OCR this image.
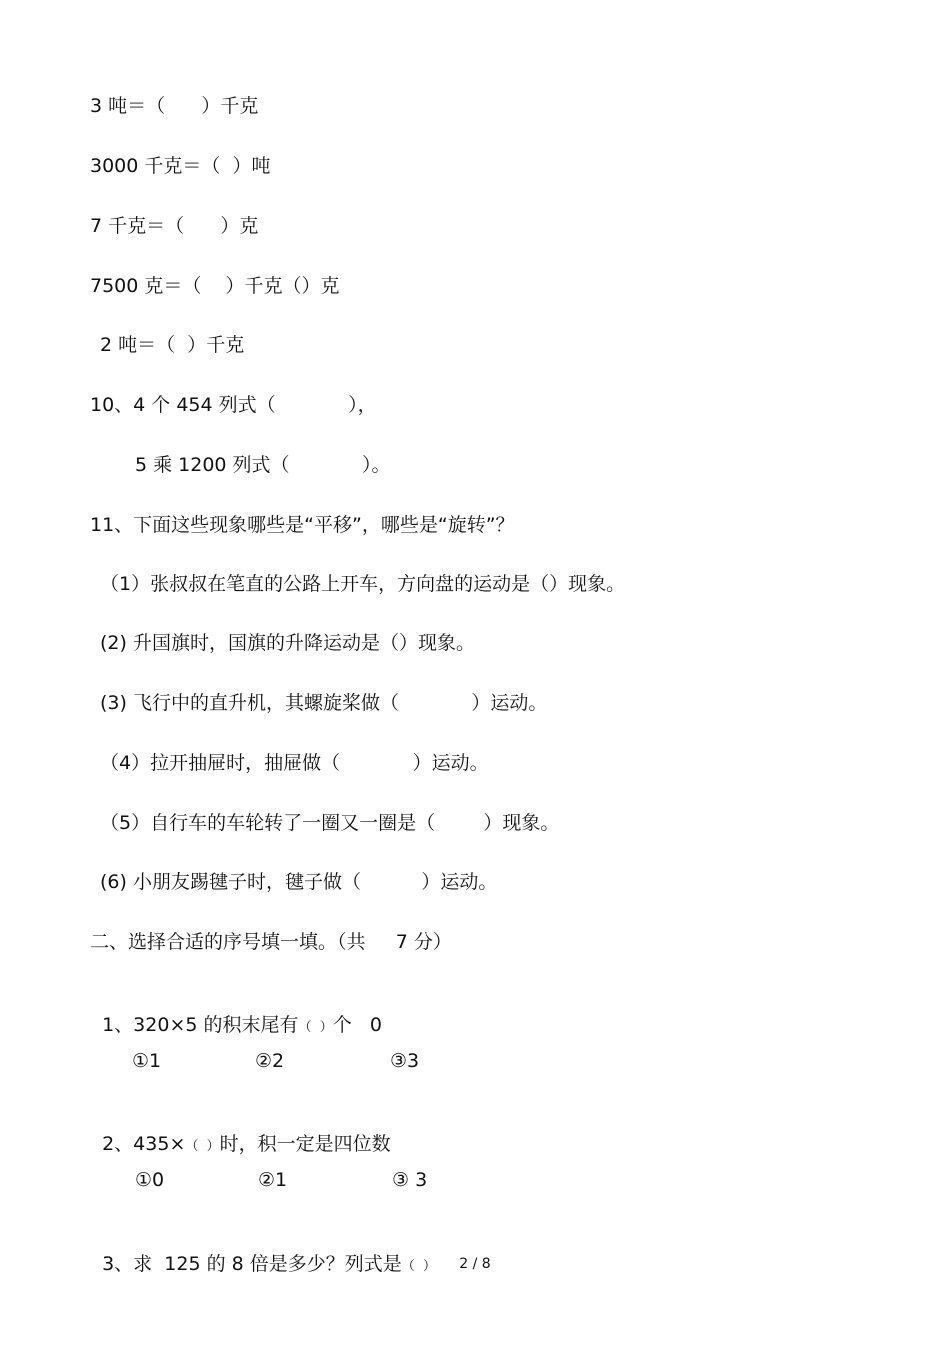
3 吨＝（      ）千克
3000 千克＝（  ）吨
7 千克＝（      ）克
7500 克＝（    ）千克（）克
2 吨＝（  ）千克
10、4 个 454 列式（            ），
5 乘 1200 列式（            ）。
11、下面这些现象哪些是“平移”，哪些是“旋转”？
（1）张叔叔在笔直的公路上开车，方向盘的运动是（）现象。
(2) 升国旗时，国旗的升降运动是（）现象。
(3) 飞行中的直升机，其螺旋桨做（            ）运动。
（4）拉开抽屉时，抽屉做（            ）运动。
（5）自行车的车轮转了一圈又一圈是（        ）现象。
(6) 小朋友踢毽子时，毽子做（          ）运动。
二、选择合适的序号填一填。（共     7 分）

1、320×5 的积末尾有（  ）个   0

①1	②2	③3

2、435×（  ）时，积一定是四位数

①0	②1	③ 3

3、求  125 的 8 倍是多少？列式是（  ）	2 / 8
